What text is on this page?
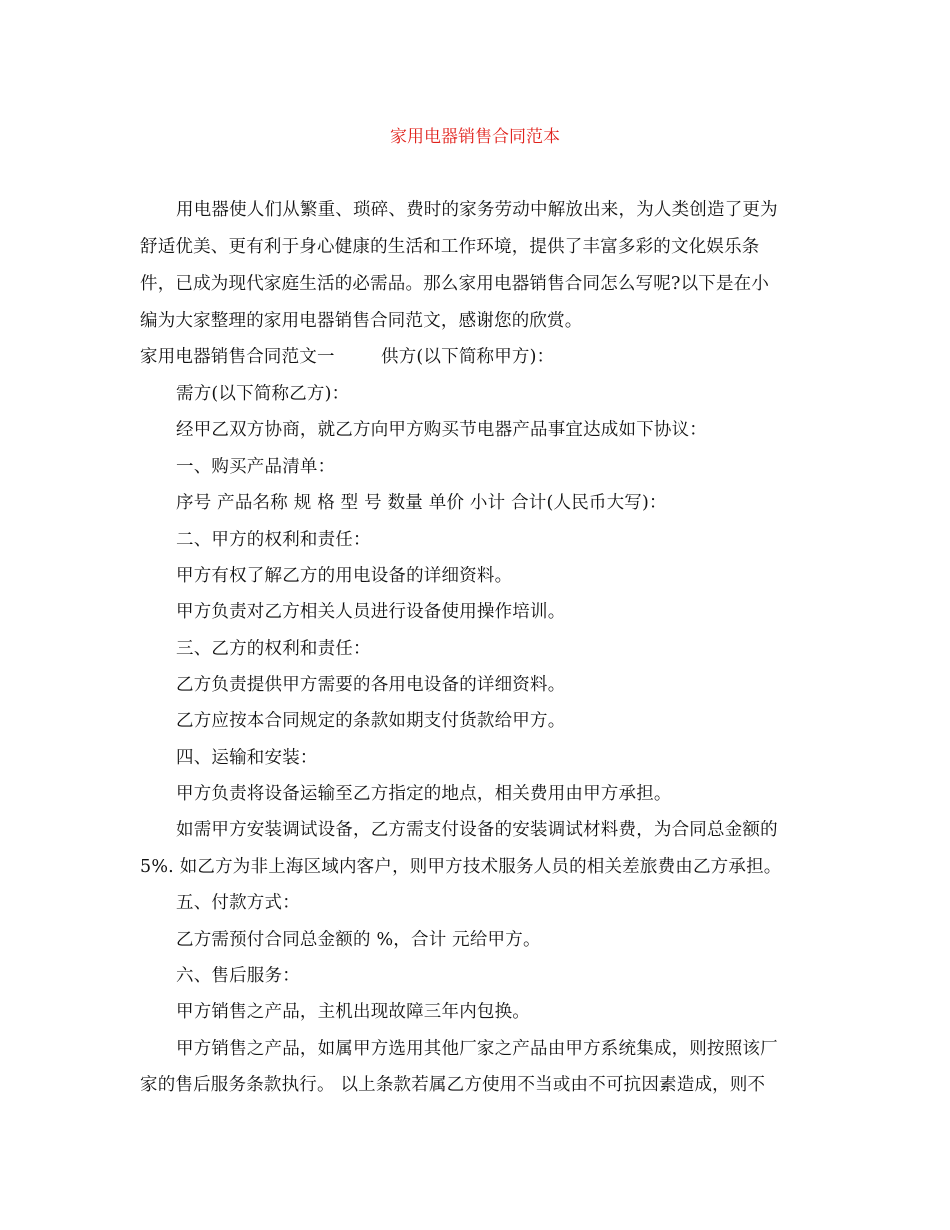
家用电器销售合同范本
用电器使人们从繁重、琐碎、费时的家务劳动中解放出来，为人类创造了更为
舒适优美、更有利于身心健康的生活和工作环境，提供了丰富多彩的文化娱乐条
件，已成为现代家庭生活的必需品。那么家用电器销售合同怎么写呢?以下是在小
编为大家整理的家用电器销售合同范文，感谢您的欣赏。
家用电器销售合同范文一	供方(以下简称甲方)：
需方(以下简称乙方)：
经甲乙双方协商，就乙方向甲方购买节电器产品事宜达成如下协议：
一、购买产品清单：
序号 产品名称 规 格 型 号 数量 单价 小计 合计(人民币大写)：
二、甲方的权利和责任：
甲方有权了解乙方的用电设备的详细资料。
甲方负责对乙方相关人员进行设备使用操作培训。
三、乙方的权利和责任：
乙方负责提供甲方需要的各用电设备的详细资料。
乙方应按本合同规定的条款如期支付货款给甲方。
四、运输和安装：
甲方负责将设备运输至乙方指定的地点，相关费用由甲方承担。
如需甲方安装调试设备，乙方需支付设备的安装调试材料费，为合同总金额的
5%. 如乙方为非上海区域内客户，则甲方技术服务人员的相关差旅费由乙方承担。
五、付款方式：
乙方需预付合同总金额的 %，合计 元给甲方。
六、售后服务：
甲方销售之产品，主机出现故障三年内包换。
甲方销售之产品，如属甲方选用其他厂家之产品由甲方系统集成，则按照该厂
家的售后服务条款执行。 以上条款若属乙方使用不当或由不可抗因素造成，则不
